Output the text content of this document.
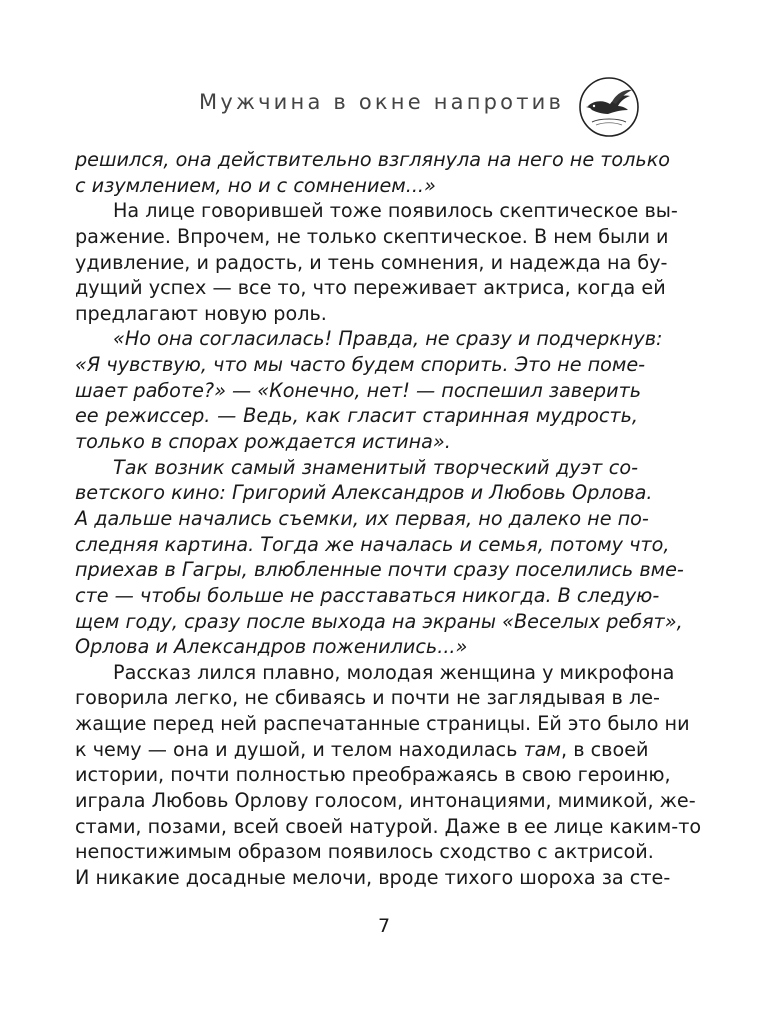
Мужчина в окне напротив
решился, она действительно взглянула на него не только
с изумлением, но и с сомнением...»
На лице говорившей тоже появилось скептическое вы-
ражение. Впрочем, не только скептическое. В нем были и
удивление, и радость, и тень сомнения, и надежда на бу-
дущий успех — все то, что переживает актриса, когда ей
предлагают новую роль.
«Но она согласилась! Правда, не сразу и подчеркнув:
«Я чувствую, что мы часто будем спорить. Это не поме-
шает работе?» — «Конечно, нет! — поспешил заверить
ее режиссер. — Ведь, как гласит старинная мудрость,
только в спорах рождается истина».
Так возник самый знаменитый творческий дуэт со-
ветского кино: Григорий Александров и Любовь Орлова.
А дальше начались съемки, их первая, но далеко не по-
следняя картина. Тогда же началась и семья, потому что,
приехав в Гагры, влюбленные почти сразу поселились вме-
сте — чтобы больше не расставаться никогда. В следую-
щем году, сразу после выхода на экраны «Веселых ребят»,
Орлова и Александров поженились...»
Рассказ лился плавно, молодая женщина у микрофона
говорила легко, не сбиваясь и почти не заглядывая в ле-
жащие перед ней распечатанные страницы. Ей это было ни
к чему — она и душой, и телом находилась там, в своей
истории, почти полностью преображаясь в свою героиню,
играла Любовь Орлову голосом, интонациями, мимикой, же-
стами, позами, всей своей натурой. Даже в ее лице каким-то
непостижимым образом появилось сходство с актрисой.
И никакие досадные мелочи, вроде тихого шороха за сте-
7
